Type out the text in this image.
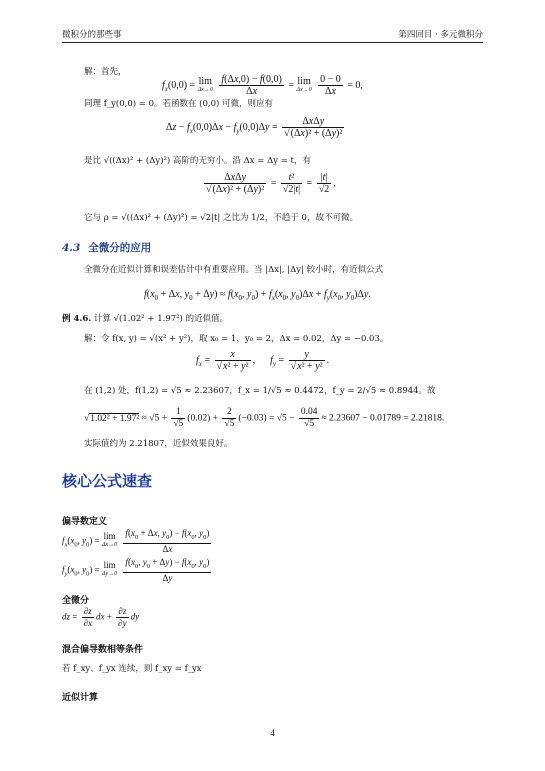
微积分的那些事	第四回目 · 多元微积分
解：首先，
$f_x(0,0) = \lim$
Δx→0
$\frac{f(\Delta x,0) - f(0,0)}{\Delta x} = \lim$
Δx→0
$\frac{0 - 0}{\Delta x} = 0$,
同理 f_y(0,0) = 0。若函数在 (0,0) 可微，则应有
$\Delta z - f_x(0,0)\Delta x - f_y(0,0)\Delta y = \frac{\text{ΔxΔy}}{\text{√(Δx)² + (Δy)²}}$
是比 √((Δx)² + (Δy)²) 高阶的无穷小。沿 Δx = Δy = t，有
$\frac{\text{ΔxΔy}}{\text{√(Δx)² + (Δy)²}} = \frac{\text{t²}}{√2|t|} = \frac{|t|}{√2}$ ,
它与 ρ = √((Δx)² + (Δy)²) = √2|t| 之比为 1/2，不趋于 0，故不可微。
4.3 全微分的应用
全微分在近似计算和误差估计中有重要应用。当 |Δx|, |Δy| 较小时，有近似公式
$f(x_0 + \Delta x$, $y_0 + \Delta y) \approx f(x_0$, $y_0) + f_x(x_0$, $y_0)\Delta x + f_y(x_0$, $y_0)\Delta y$.
例 4.6. 计算 √(1.02² + 1.97²) 的近似值。
解：令 f(x, y) = √(x² + y²)，取 x₀ = 1，y₀ = 2，Δx = 0.02，Δy = −0.03。
$f_x = \frac{x}{\text{√x² + y²}}$ ,      $f_y = \frac{y}{\text{√x² + y²}}$ .
在 (1,2) 处，f(1,2) = √5 ≈ 2.23607，f_x = 1/√5 ≈ 0.4472，f_y = 2/√5 ≈ 0.8944。故
$√1.02^2 + 1.97^2 \approx √5 + \frac{1}{√5} (0.02) + \frac{2}{√5} (-0.03) = √5 - \frac{0.04}{√5} \approx 2.23607 - 0.01789 = 2.21818$.
实际值约为 2.21807，近似效果良好。
核心公式速查
偏导数定义
$f_x(x_0$, $y_0) = \lim$
Δx→0
$\frac{f(x_0 + \Delta x, y_0) - f(x_0, y_0)}{\Delta x}$
$f_y(x_0$, $y_0) = \lim$
Δy→0
$\frac{f(x_0, y_0 + \Delta y) - f(x_0, y_0)}{\Delta y}$
全微分
dz = $\frac{\partial z}{\partial x}$ dx + $\frac{\partial z}{\partial y}$ dy
混合偏导数相等条件
若 f_xy、f_yx 连续，则 f_xy = f_yx
近似计算
4
